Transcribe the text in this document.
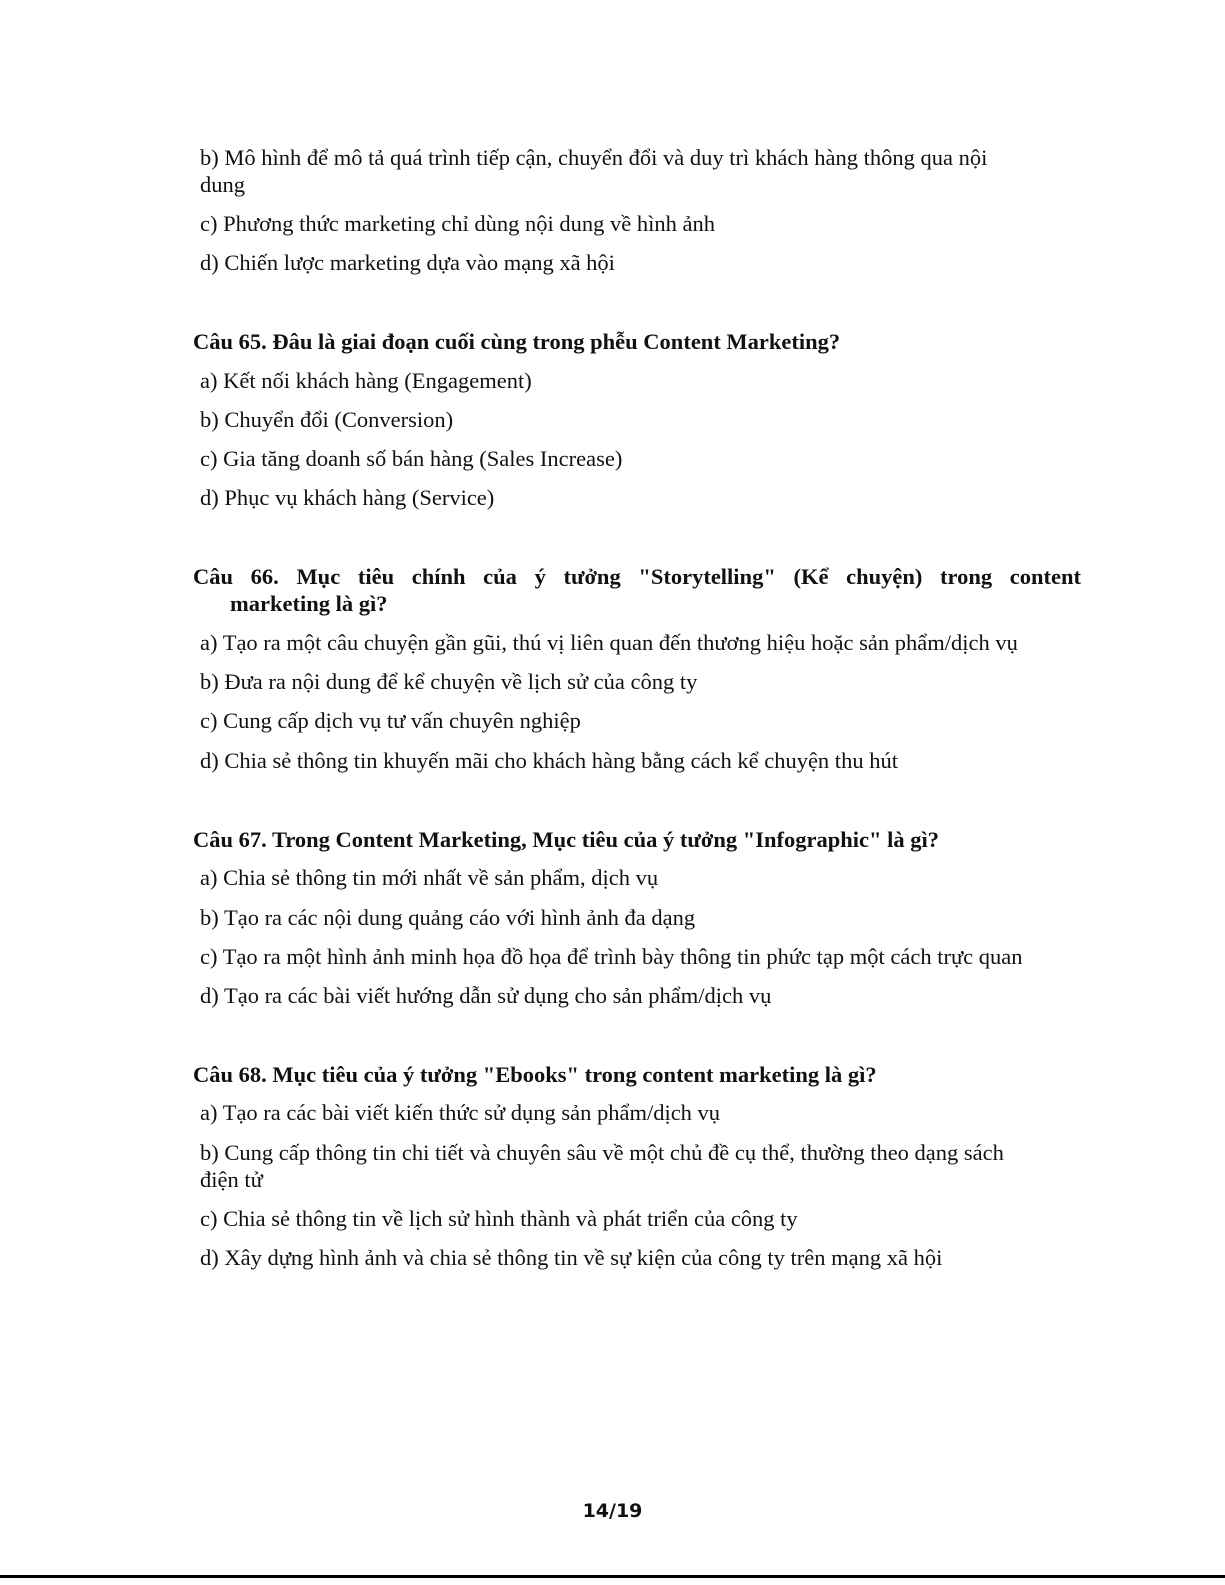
b) Mô hình để mô tả quá trình tiếp cận, chuyển đổi và duy trì khách hàng thông qua nội
dung
c) Phương thức marketing chỉ dùng nội dung về hình ảnh
d) Chiến lược marketing dựa vào mạng xã hội
Câu 65. Đâu là giai đoạn cuối cùng trong phễu Content Marketing?
a) Kết nối khách hàng (Engagement)
b) Chuyển đổi (Conversion)
c) Gia tăng doanh số bán hàng (Sales Increase)
d) Phục vụ khách hàng (Service)
Câu 66. Mục tiêu chính của ý tưởng "Storytelling" (Kể chuyện) trong content
marketing là gì?
a) Tạo ra một câu chuyện gần gũi, thú vị liên quan đến thương hiệu hoặc sản phẩm/dịch vụ
b) Đưa ra nội dung để kể chuyện về lịch sử của công ty
c) Cung cấp dịch vụ tư vấn chuyên nghiệp
d) Chia sẻ thông tin khuyến mãi cho khách hàng bằng cách kể chuyện thu hút
Câu 67. Trong Content Marketing, Mục tiêu của ý tưởng "Infographic" là gì?
a) Chia sẻ thông tin mới nhất về sản phẩm, dịch vụ
b) Tạo ra các nội dung quảng cáo với hình ảnh đa dạng
c) Tạo ra một hình ảnh minh họa đồ họa để trình bày thông tin phức tạp một cách trực quan
d) Tạo ra các bài viết hướng dẫn sử dụng cho sản phẩm/dịch vụ
Câu 68. Mục tiêu của ý tưởng "Ebooks" trong content marketing là gì?
a) Tạo ra các bài viết kiến thức sử dụng sản phẩm/dịch vụ
b) Cung cấp thông tin chi tiết và chuyên sâu về một chủ đề cụ thể, thường theo dạng sách
điện tử
c) Chia sẻ thông tin về lịch sử hình thành và phát triển của công ty
d) Xây dựng hình ảnh và chia sẻ thông tin về sự kiện của công ty trên mạng xã hội
14/19
